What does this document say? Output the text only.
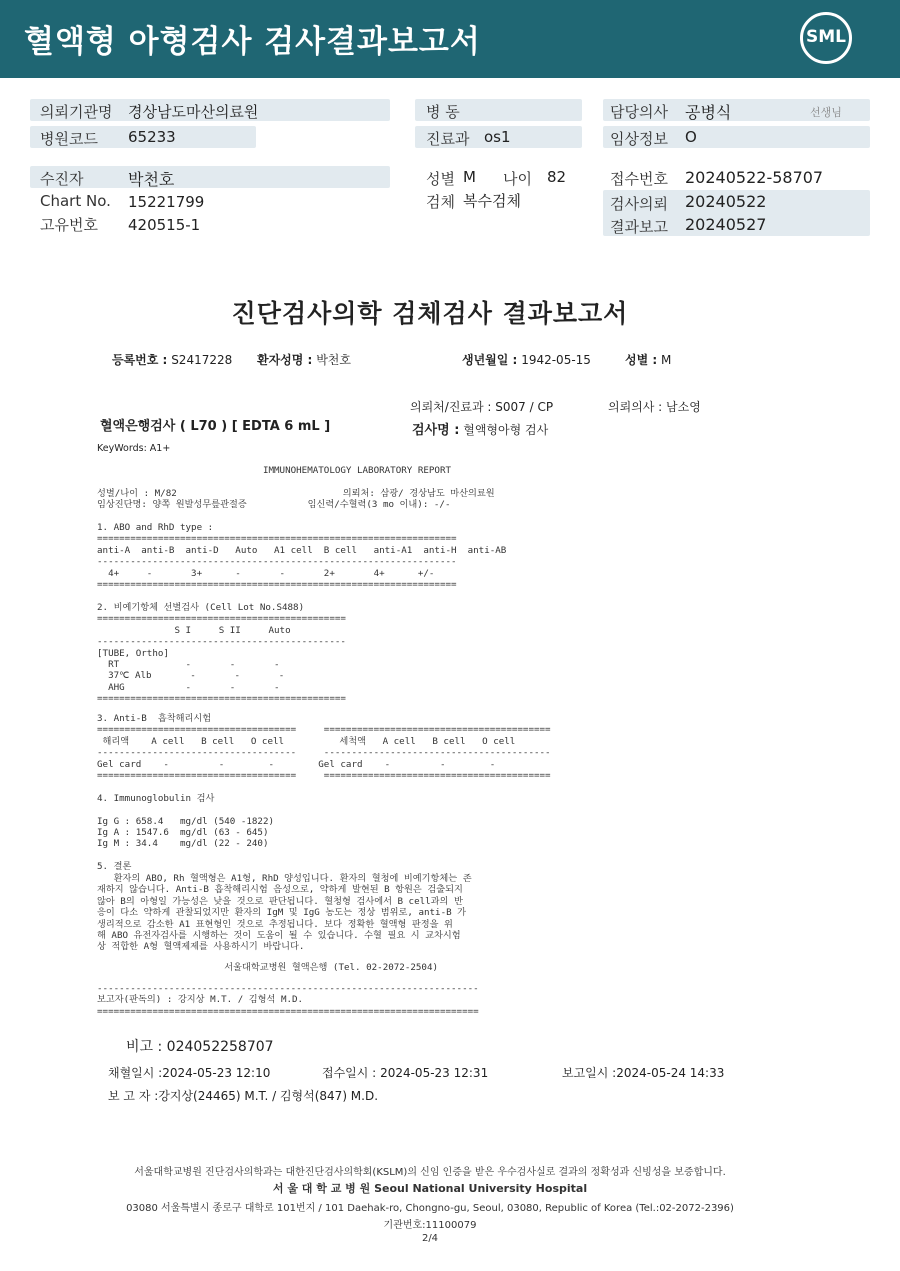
혈액형 아형검사 검사결과보고서	SML
의뢰기관명 경상남도마산의료원
병원코드 65233
병 동
진료과 os1
담당의사 공병식	선생님
임상정보 O
수진자	박천호
Chart No. 15221799
고유번호 420515-1
성별 M 나이 82
검체 복수검체
접수번호 20240522-58707
검사의뢰 20240522
결과보고 20240527
진단검사의학 검체검사 결과보고서
등록번호 : S2417228 환자성명 : 박천호	생년월일 : 1942-05-15	성별 : M
의뢰처/진료과 : S007 / CP	의뢰의사 : 남소영
혈액은행검사 ( L70 ) [ EDTA 6 mL ]	검사명 : 혈액형아형 검사
KeyWords: A1+
IMMUNOHEMATOLOGY LABORATORY REPORT

성별/나이 : M/82                              의뢰처: 삼광/ 경상남도 마산의료원
임상진단명: 양쪽 원발성무릎관절증           임신력/수혈력(3 mo 이내): -/-

1. ABO and RhD type :
=================================================================
anti-A  anti-B  anti-D   Auto   A1 cell  B cell   anti-A1  anti-H  anti-AB
-----------------------------------------------------------------
4+     -       3+      -       -       2+       4+      +/-
=================================================================

2. 비예기항체 선별검사 (Cell Lot No.S488)
=============================================
S I     S II     Auto
---------------------------------------------
[TUBE, Ortho]
RT            -       -       -
37℃ Alb       -       -       -
AHG           -       -       -
=============================================
3. Anti-B  흡착해리시험
====================================     =========================================
해리액    A cell   B cell   O cell          세척액   A cell   B cell   O cell
------------------------------------     -----------------------------------------
Gel card    -         -        -        Gel card    -         -        -
====================================     =========================================

4. Immunoglobulin 검사

Ig G : 658.4   mg/dl (540 -1822)
Ig A : 1547.6  mg/dl (63 - 645)
Ig M : 34.4    mg/dl (22 - 240)

5. 결론
환자의 ABO, Rh 혈액형은 A1형, RhD 양성입니다. 환자의 혈청에 비예기항체는 존
재하지 않습니다. Anti-B 흡착해리시험 음성으로, 약하게 발현된 B 항원은 검출되지
않아 B의 아형일 가능성은 낮을 것으로 판단됩니다. 혈청형 검사에서 B cell과의 반
응이 다소 약하게 관찰되었지만 환자의 IgM 및 IgG 농도는 정상 범위로, anti-B 가
생리적으로 감소한 A1 표현형인 것으로 추정됩니다. 보다 정확한 혈액형 판정을 위
해 ABO 유전자검사를 시행하는 것이 도움이 될 수 있습니다. 수혈 필요 시 교차시험
상 적합한 A형 혈액제제를 사용하시기 바랍니다.
서울대학교병원 혈액은행 (Tel. 02-2072-2504)
---------------------------------------------------------------------
보고자(판독의) : 강지상 M.T. / 김형석 M.D.
=====================================================================
비고 : 024052258707
채혈일시 :2024-05-23 12:10	접수일시 : 2024-05-23 12:31	보고일시 :2024-05-24 14:33
보 고 자 :강지상(24465) M.T. / 김형석(847) M.D.
서울대학교병원 진단검사의학과는 대한진단검사의학회(KSLM)의 신임 인증을 받은 우수검사실로 결과의 정확성과 신빙성을 보증합니다.
서 울 대 학 교 병 원 Seoul National University Hospital
03080 서울특별시 종로구 대학로 101번지 / 101 Daehak-ro, Chongno-gu, Seoul, 03080, Republic of Korea (Tel.:02-2072-2396)
기관번호:11100079
2/4
